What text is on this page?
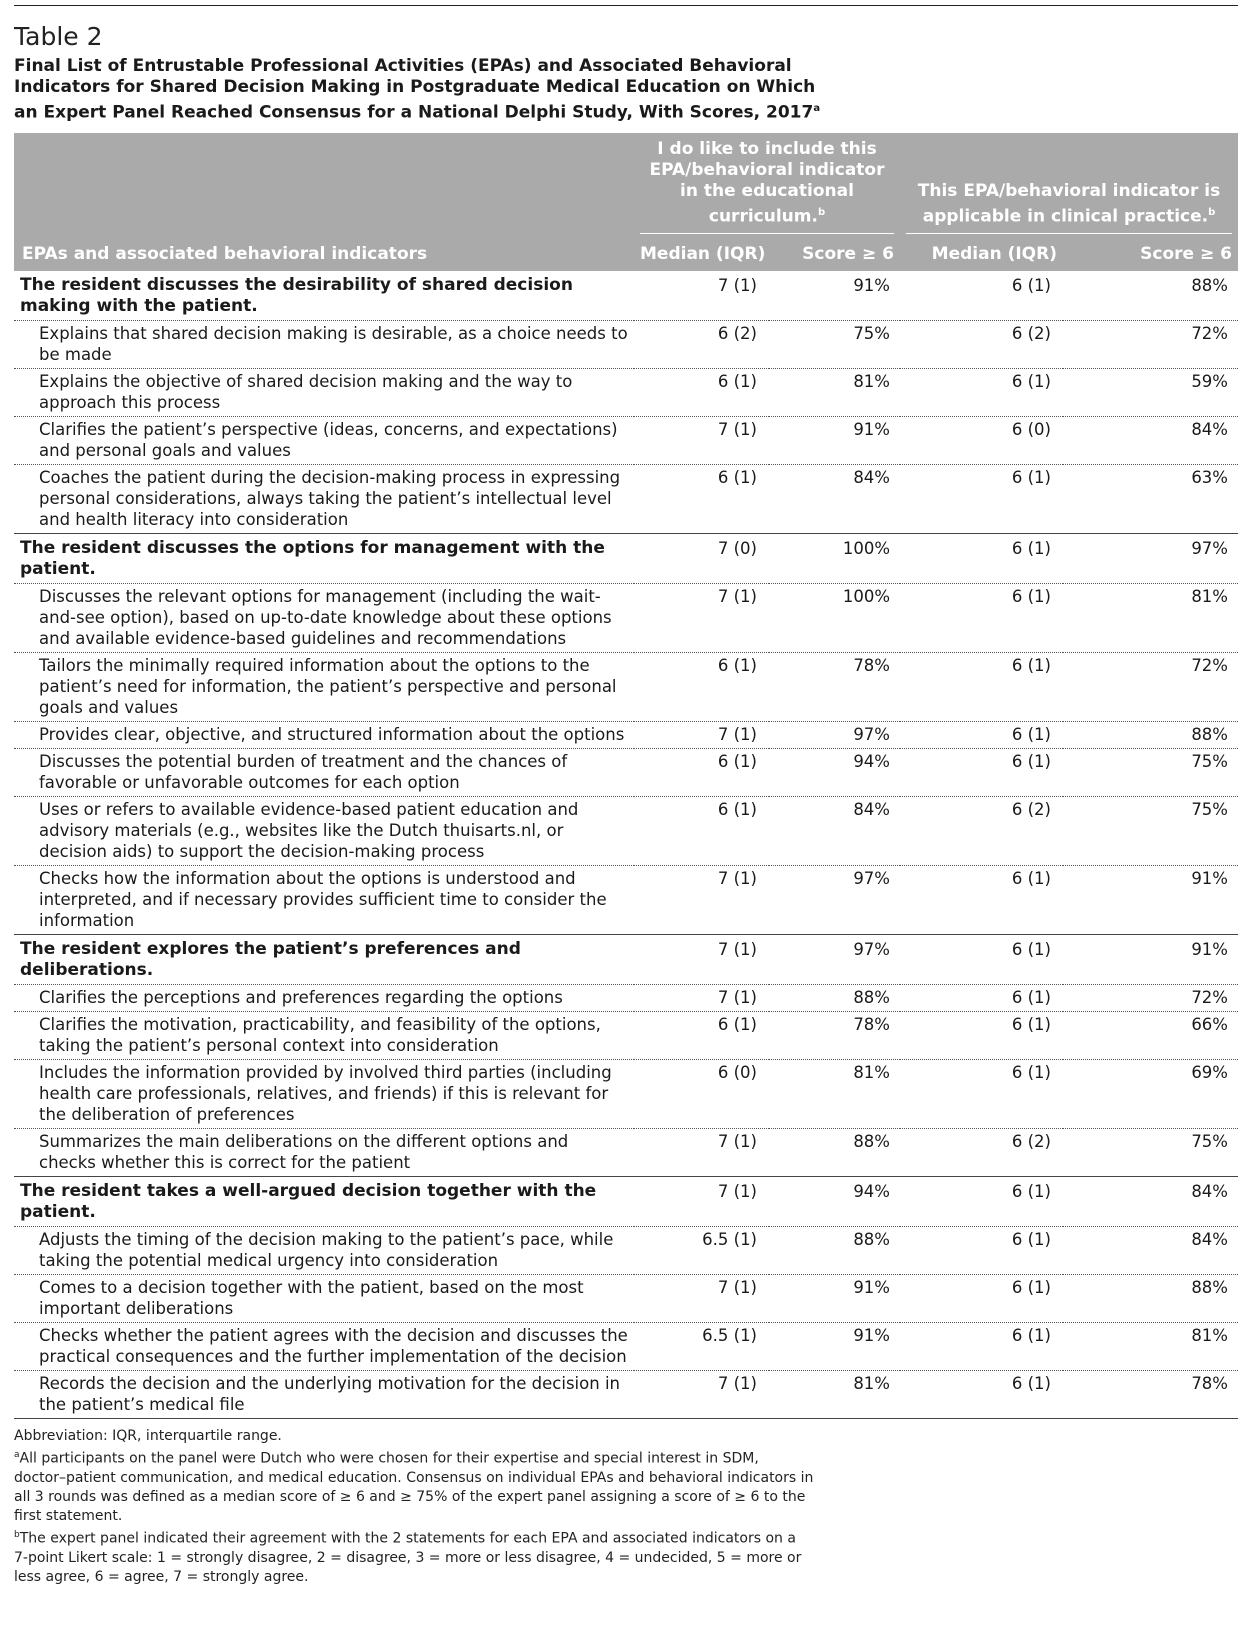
Table 2
Final List of Entrustable Professional Activities (EPAs) and Associated Behavioral Indicators for Shared Decision Making in Postgraduate Medical Education on Which an Expert Panel Reached Consensus for a National Delphi Study, With Scores, 2017$^a$

	I do like to include this EPA/behavioral indicator in the educational curriculum.$^b$		This EPA/behavioral indicator is applicable in clinical practice.$^b$

EPAs and associated behavioral indicators	Median (IQR)	Score ≥ 6	Median (IQR)	Score ≥ 6
The resident discusses the desirability of shared decision making with the patient.	7 (1)	91%	6 (1)	88%
Explains that shared decision making is desirable, as a choice needs to be made	6 (2)	75%	6 (2)	72%
Explains the objective of shared decision making and the way to approach this process	6 (1)	81%	6 (1)	59%
Clarifies the patient’s perspective (ideas, concerns, and expectations) and personal goals and values	7 (1)	91%	6 (0)	84%
Coaches the patient during the decision-making process in expressing personal considerations, always taking the patient’s intellectual level and health literacy into consideration	6 (1)	84%	6 (1)	63%
The resident discusses the options for management with the patient.	7 (0)	100%	6 (1)	97%
Discusses the relevant options for management (including the wait-and-see option), based on up-to-date knowledge about these options and available evidence-based guidelines and recommendations	7 (1)	100%	6 (1)	81%
Tailors the minimally required information about the options to the patient’s need for information, the patient’s perspective and personal goals and values	6 (1)	78%	6 (1)	72%
Provides clear, objective, and structured information about the options	7 (1)	97%	6 (1)	88%
Discusses the potential burden of treatment and the chances of favorable or unfavorable outcomes for each option	6 (1)	94%	6 (1)	75%
Uses or refers to available evidence-based patient education and advisory materials (e.g., websites like the Dutch thuisarts.nl, or decision aids) to support the decision-making process	6 (1)	84%	6 (2)	75%
Checks how the information about the options is understood and interpreted, and if necessary provides sufficient time to consider the information	7 (1)	97%	6 (1)	91%
The resident explores the patient’s preferences and deliberations.	7 (1)	97%	6 (1)	91%
Clarifies the perceptions and preferences regarding the options	7 (1)	88%	6 (1)	72%
Clarifies the motivation, practicability, and feasibility of the options, taking the patient’s personal context into consideration	6 (1)	78%	6 (1)	66%
Includes the information provided by involved third parties (including health care professionals, relatives, and friends) if this is relevant for the deliberation of preferences	6 (0)	81%	6 (1)	69%
Summarizes the main deliberations on the different options and checks whether this is correct for the patient	7 (1)	88%	6 (2)	75%
The resident takes a well-argued decision together with the patient.	7 (1)	94%	6 (1)	84%
Adjusts the timing of the decision making to the patient’s pace, while taking the potential medical urgency into consideration	6.5 (1)	88%	6 (1)	84%
Comes to a decision together with the patient, based on the most important deliberations	7 (1)	91%	6 (1)	88%
Checks whether the patient agrees with the decision and discusses the practical consequences and the further implementation of the decision	6.5 (1)	91%	6 (1)	81%
Records the decision and the underlying motivation for the decision in the patient’s medical file	7 (1)	81%	6 (1)	78%

Abbreviation: IQR, interquartile range.

$^a$All participants on the panel were Dutch who were chosen for their expertise and special interest in SDM, doctor–patient communication, and medical education. Consensus on individual EPAs and behavioral indicators in all 3 rounds was defined as a median score of ≥ 6 and ≥ 75% of the expert panel assigning a score of ≥ 6 to the first statement.

$^b$The expert panel indicated their agreement with the 2 statements for each EPA and associated indicators on a 7-point Likert scale: 1 = strongly disagree, 2 = disagree, 3 = more or less disagree, 4 = undecided, 5 = more or less agree, 6 = agree, 7 = strongly agree.
